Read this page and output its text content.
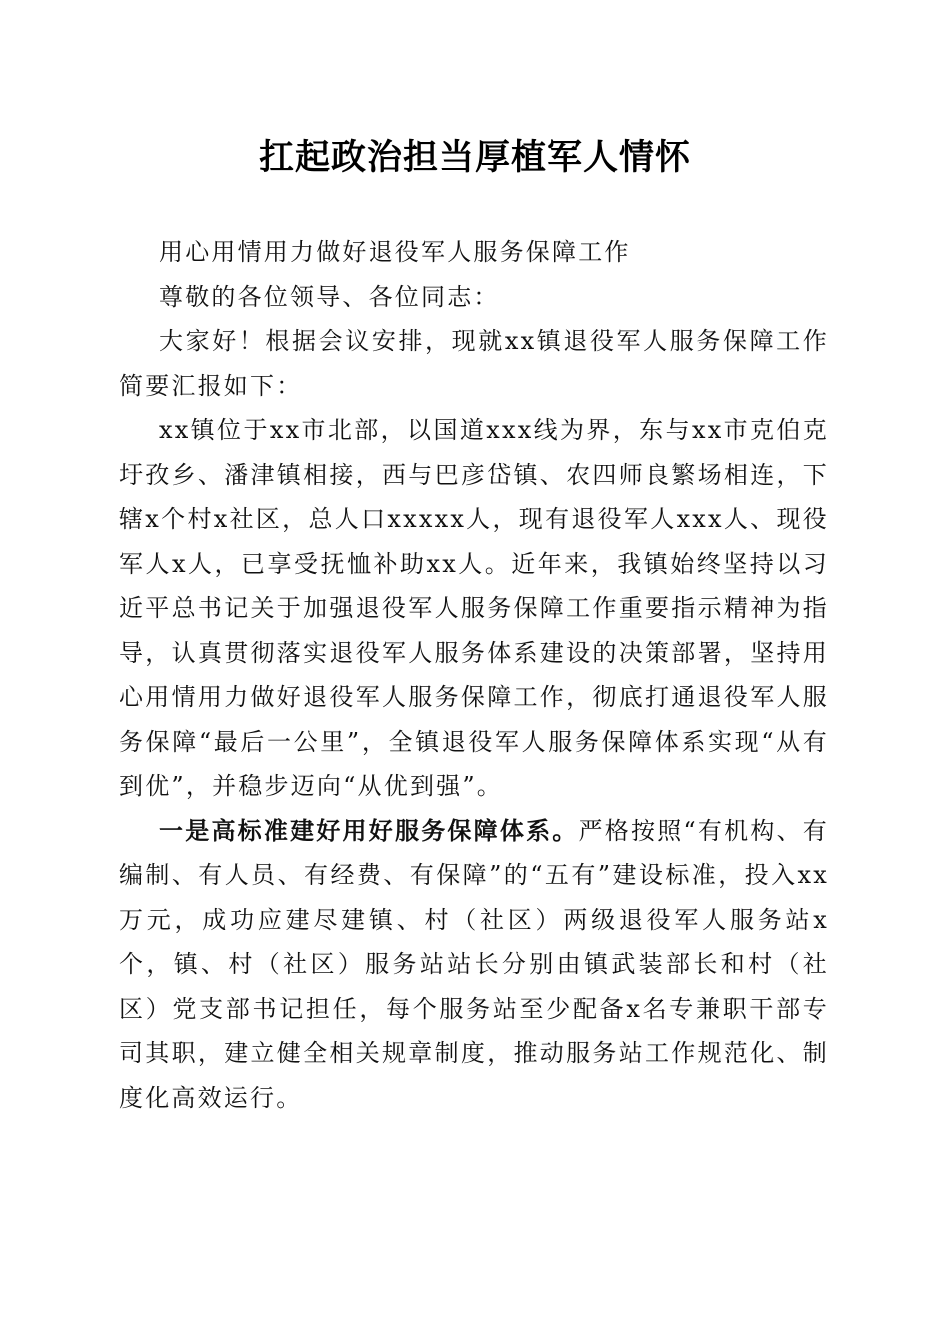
扛起政治担当厚植军人情怀

用心用情用力做好退役军人服务保障工作

尊敬的各位领导、各位同志：

大家好！根据会议安排，现就xx镇退役军人服务保障工作简要汇报如下：

xx镇位于xx市北部，以国道xxx线为界，东与xx市克伯克圩孜乡、潘津镇相接，西与巴彦岱镇、农四师良繁场相连，下辖x个村x社区，总人口xxxxx人，现有退役军人xxx人、现役军人x人，已享受抚恤补助xx人。近年来，我镇始终坚持以习近平总书记关于加强退役军人服务保障工作重要指示精神为指导，认真贯彻落实退役军人服务体系建设的决策部署，坚持用心用情用力做好退役军人服务保障工作，彻底打通退役军人服务保障“最后一公里”，全镇退役军人服务保障体系实现“从有到优”，并稳步迈向“从优到强”。

一是高标准建好用好服务保障体系。严格按照“有机构、有编制、有人员、有经费、有保障”的“五有”建设标准，投入xx万元，成功应建尽建镇、村（社区）两级退役军人服务站x个，镇、村（社区）服务站站长分别由镇武装部长和村（社区）党支部书记担任，每个服务站至少配备x名专兼职干部专司其职，建立健全相关规章制度，推动服务站工作规范化、制度化高效运行。
